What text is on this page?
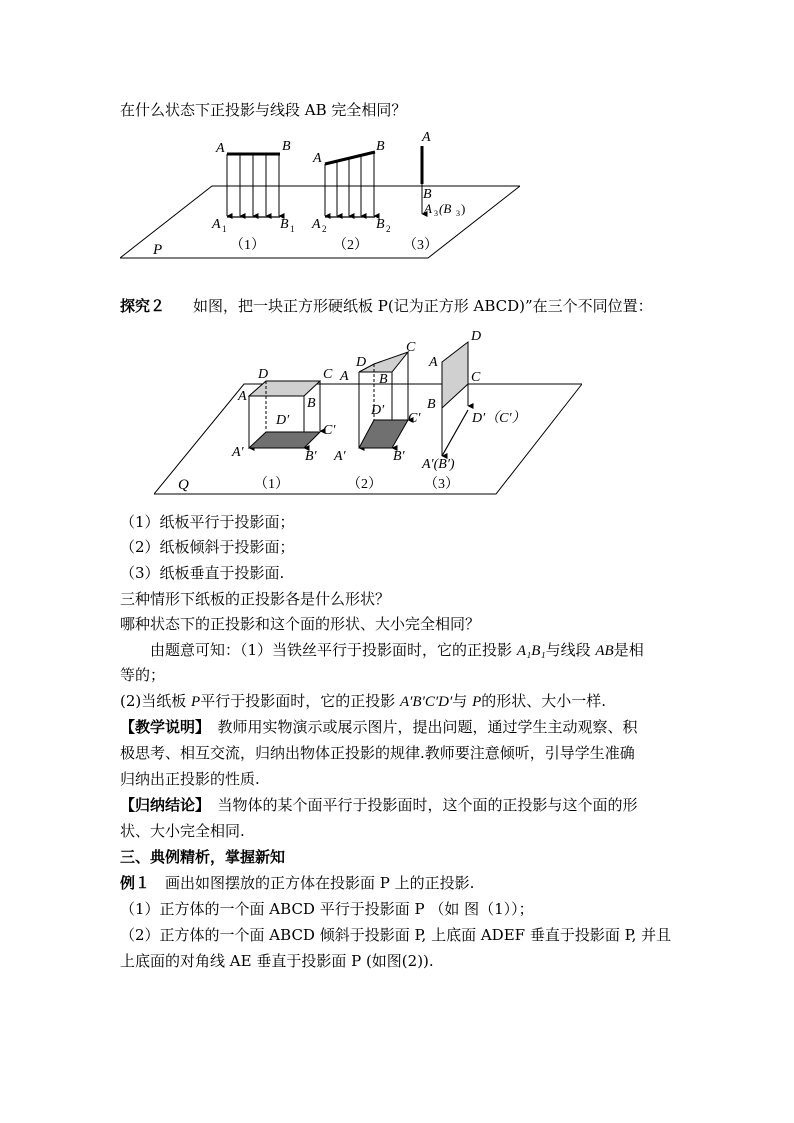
在什么状态下正投影与线段 AB 完全相同？
P
A	B
A 1	B 1
（1）
A
B
A 2	B 2
（2）
A
B
A 3 (B 3 )
（3）
探究２ 如图，把一块正方形硬纸板 P(记为正方形 ABCD)”在三个不同位置：
Q
D	C
A	B
D′
C′
A′	B′
（1）
D
C
A B
D′
C′
A′	B′
（2）
D
A
C
B
D′（C′）
A′(B′)
（3）
（1）纸板平行于投影面；
（2）纸板倾斜于投影面；
（3）纸板垂直于投影面.
三种情形下纸板的正投影各是什么形状？
哪种状态下的正投影和这个面的形状、大小完全相同？
由题意可知：（1）当铁丝平行于投影面时，它的正投影 A₁B₁与线段 AB是相
等的；
(2)当纸板 P平行于投影面时，它的正投影 A′B′C′D′与 P的形状、大小一样.
【教学说明】　教师用实物演示或展示图片，提出问题，通过学生主动观察、积
极思考、相互交流，归纳出物体正投影的规律.教师要注意倾听，引导学生准确
归纳出正投影的性质.
【归纳结论】　当物体的某个面平行于投影面时，这个面的正投影与这个面的形
状、大小完全相同.
三、典例精析，掌握新知
例１　画出如图摆放的正方体在投影面 P 上的正投影.
（1）正方体的一个面 ABCD 平行于投影面 P （如 图（1））；
（2）正方体的一个面 ABCD 倾斜于投影面 P, 上底面 ADEF 垂直于投影面 P, 并且
上底面的对角线 AE 垂直于投影面 P (如图(2)).
